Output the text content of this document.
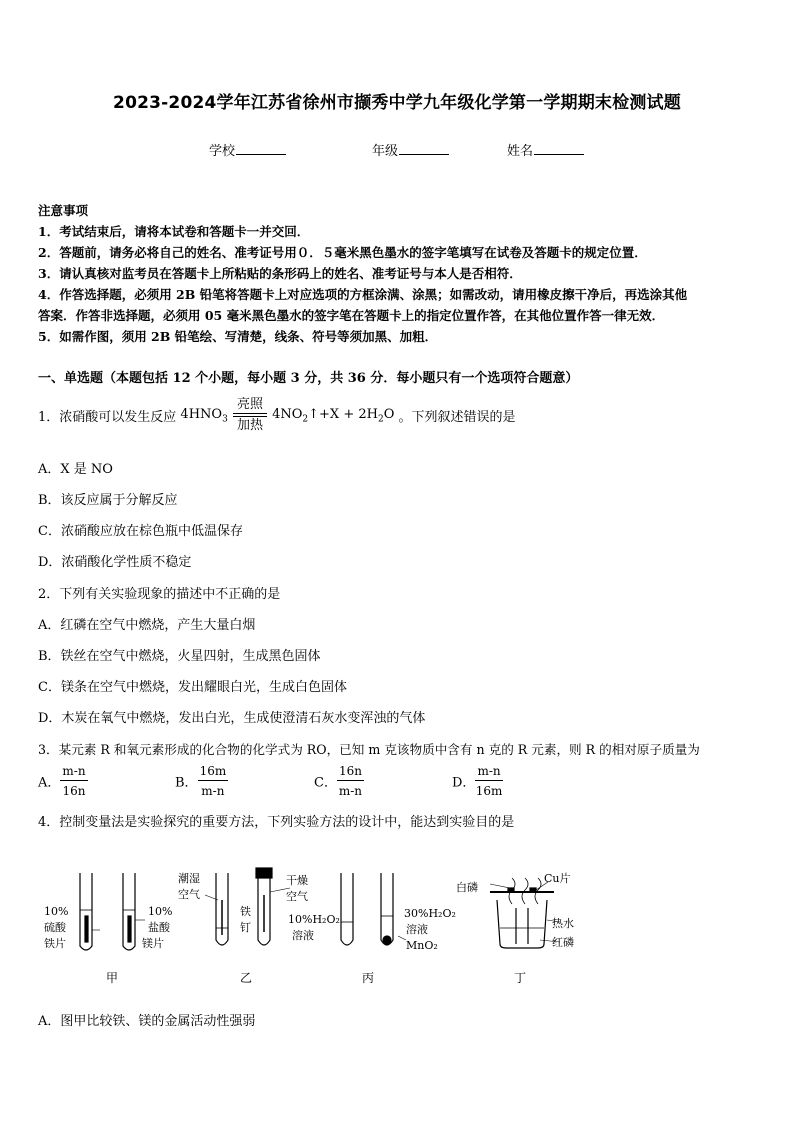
2023-2024学年江苏省徐州市撷秀中学九年级化学第一学期期末检测试题
学校	年级	姓名
注意事项
1．考试结束后，请将本试卷和答题卡一并交回．
2．答题前，请务必将自己的姓名、准考证号用０．５毫米黑色墨水的签字笔填写在试卷及答题卡的规定位置．
3．请认真核对监考员在答题卡上所粘贴的条形码上的姓名、准考证号与本人是否相符．
4．作答选择题，必须用 2B 铅笔将答题卡上对应选项的方框涂满、涂黑；如需改动，请用橡皮擦干净后，再选涂其他
答案．作答非选择题，必须用 05 毫米黑色墨水的签字笔在答题卡上的指定位置作答，在其他位置作答一律无效．
5．如需作图，须用 2B 铅笔绘、写清楚，线条、符号等须加黑、加粗．
一、单选题（本题包括 12 个小题，每小题 3 分，共 36 分．每小题只有一个选项符合题意）
1．浓硝酸可以发生反应 $4HNO_3 \frac{\text{亮照}}{\text{加热}}$ $4NO_2↑+X + 2H_2O$ 。下列叙述错误的是
A．X 是 NO
B．该反应属于分解反应
C．浓硝酸应放在棕色瓶中低温保存
D．浓硝酸化学性质不稳定
2．下列有关实验现象的描述中不正确的是
A．红磷在空气中燃烧，产生大量白烟
B．铁丝在空气中燃烧，火星四射，生成黑色固体
C．镁条在空气中燃烧，发出耀眼白光，生成白色固体
D．木炭在氧气中燃烧，发出白光，生成使澄清石灰水变浑浊的气体
3．某元素 R 和氧元素形成的化合物的化学式为 RO，已知 m 克该物质中含有 n 克的 R 元素，则 R 的相对原子质量为
A． $\frac{m-n}{16n}$	B． $\frac{16m}{m-n}$	C． $\frac{16n}{m-n}$	D． $\frac{m-n}{16m}$
4．控制变量法是实验探究的重要方法，下列实验方法的设计中，能达到实验目的是
10%
硫酸
铁片
10%
盐酸
镁片
潮湿
空气
铁
钉
干燥
空气
10%H₂O₂
溶液
30%H₂O₂
溶液
MnO₂
白磷
Cu片
热水
红磷
甲	乙	丙	丁
A．图甲比较铁、镁的金属活动性强弱
